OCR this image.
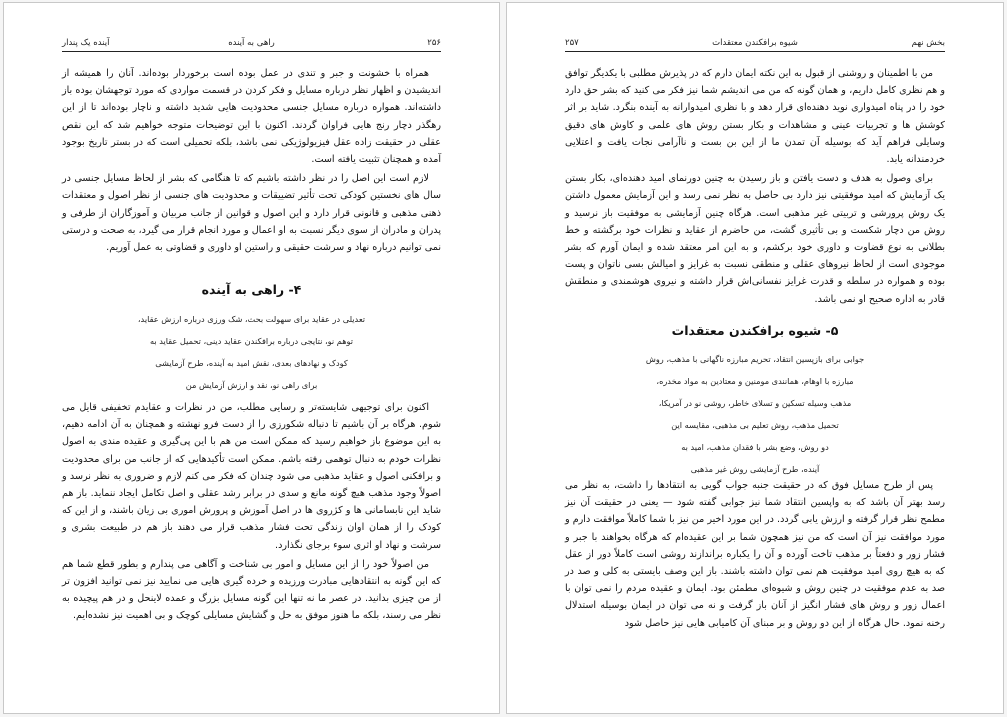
۲۵۶
راهی به آینده
آینده یک پندار

همراه با خشونت و جبر و تندی در عمل بوده است برخوردار بوده‌اند. آنان را همیشه از اندیشیدن و اظهار نظر درباره مسایل و فکر کردن در قسمت مواردی که مورد توجهشان بوده باز داشته‌اند. همواره درباره مسایل جنسی محدودیت هایی شدید داشته و ناچار بوده‌اند تا از این رهگذر دچار رنج هایی فراوان گردند. اکنون با این توضیحات متوجه خواهیم شد که این نقص عقلی در حقیقت زاده عقل فیزیولوژیکی نمی باشد، بلکه تحمیلی است که در بستر تاریخ بوجود آمده و همچنان تثبیت یافته است.

لازم است این اصل را در نظر داشته باشیم که تا هنگامی که بشر از لحاظ مسایل جنسی در سال های نخستین کودکی تحت تأثیر تضییقات و محدودیت های جنسی از نظر اصول و معتقدات ذهنی مذهبی و قانونی قرار دارد و این اصول و قوانین از جانب مربیان و آموزگاران از طرفی و پدران و مادران از سوی دیگر نسبت به او اعمال و مورد انجام قرار می گیرد، به صحت و درستی نمی توانیم درباره نهاد و سرشت حقیقی و راستین او داوری و قضاوتی به عمل آوریم.

۴- راهی به آینده
تعدیلی در عقاید برای سهولت بحث، شک ورزی درباره ارزش عقاید،
توهم نو، نتایجی درباره برافکندن عقاید دینی، تحمیل عقاید به
کودک و نهادهای بعدی، نقش امید به آینده، طرح آزمایشی
برای راهی نو، نقد و ارزش آزمایش من

اکنون برای توجیهی شایسته‌تر و رسایی مطلب، من در نظرات و عقایدم تخفیفی قایل می شوم. هرگاه بر آن باشیم تا دنباله شکورزی را از دست فرو نهشته و همچنان به آن ادامه دهیم، به این موضوع باز خواهیم رسید که ممکن است من هم با این پی‌گیری و عقیده مندی به اصول نظرات خودم به دنبال توهمی رفته باشم. ممکن است تأکیدهایی که از جانب من برای محدودیت و برافکنی اصول و عقاید مذهبی می شود چندان که فکر می کنم لازم و ضروری به نظر نرسد و اصولاً وجود مذهب هیچ گونه مانع و سدی در برابر رشد عقلی و اصل تکامل ایجاد ننماید. باز هم شاید این نابسامانی ها و کژروی ها در اصل آموزش و پرورش اموری بی زیان باشند، و از این که کودک را از همان اوان زندگی تحت فشار مذهب قرار می دهند باز هم در طبیعت بشری و سرشت و نهاد او اثری سوء برجای نگذارد.

من اصولاً خود را از این مسایل و امور بی شناخت و آگاهی می پندارم و بطور قطع شما هم که این گونه به انتقادهایی مبادرت ورزیده و خرده گیری هایی می نمایید نیز نمی توانید افزون تر از من چیزی بدانید. در عصر ما نه تنها این گونه مسایل بزرگ و عمده لاینحل و در هم پیچیده به نظر می رسند، بلکه ما هنوز موفق به حل و گشایش مسایلی کوچک و بی اهمیت نیز نشده‌ایم.

۲۵۷	شیوه برافکندن معتقدات	بخش نهم

من با اطمینان و روشنی از قبول به این نکته ایمان دارم که در پذیرش مطلبی با یکدیگر توافق و هم نظری کامل داریم، و همان گونه که من می اندیشم شما نیز فکر می کنید که بشر حق دارد خود را در پناه امیدواری نوید دهنده‌ای قرار دهد و با نظری امیدوارانه به آینده بنگرد. شاید بر اثر کوشش ها و تجربیات عینی و مشاهدات و بکار بستن روش های علمی و کاوش های دقیق وسایلی فراهم آید که بوسیله آن تمدن ما از این بن بست و ناآرامی نجات یافت و اعتلایی خردمندانه یابد.

برای وصول به هدف و دست یافتن و باز رسیدن به چنین دورنمای امید دهنده‌ای، بکار بستن یک آزمایش که امید موفقیتی نیز دارد بی حاصل به نظر نمی رسد و این آزمایش معمول داشتن یک روش پرورشی و تربیتی غیر مذهبی است. هرگاه چنین آزمایشی به موفقیت باز نرسید و روش من دچار شکست و بی تأثیری گشت، من حاضرم از عقاید و نظرات خود برگشته و خط بطلانی به نوع قضاوت و داوری خود برکشم، و به این امر معتقد شده و ایمان آورم که بشر موجودی است از لحاظ نیروهای عقلی و منطقی نسبت به غرایز و امیالش بسی ناتوان و پست بوده و همواره در سلطه و قدرت غرایز نفسانی‌اش قرار داشته و نیروی هوشمندی و منطقش قادر به اداره صحیح او نمی باشد.

۵- شیوه برافکندن معتقدات
جوابی برای بازپسین انتقاد، تحریم مبارزه ناگهانی با مذهب، روش
مبارزه با اوهام، همانندی مومنین و معتادین به مواد مخدره،
مذهب وسیله تسکین و تسلای خاطر، روشی نو در آمریکا،
تحمیل مذهب، روش تعلیم بی مذهبی، مقایسه این
دو روش، وضع بشر با فقدان مذهب، امید به
آینده، طرح آزمایشی روش غیر مذهبی

پس از طرح مسایل فوق که در حقیقت جنبه جواب گویی به انتقادها را داشت، به نظر می رسد بهتر آن باشد که به واپسین انتقاد شما نیز جوابی گفته شود — یعنی در حقیقت آن نیز مطمح نظر قرار گرفته و ارزش یابی گردد. در این مورد اخیر من نیز با شما کاملاً موافقت دارم و مورد موافقت نیز آن است که من نیز همچون شما بر این عقیده‌ام که هرگاه بخواهند با جبر و فشار زور و دفعتاً بر مذهب تاخت آورده و آن را یکباره براندازند روشی است کاملاً دور از عقل که به هیچ روی امید موفقیت هم نمی توان داشته باشند. باز این وصف بایستی به کلی و صد در صد به عدم موفقیت در چنین روش و شیوه‌ای مطمئن بود. ایمان و عقیده مردم را نمی توان با اعمال زور و روش های فشار انگیز از آنان باز گرفت و نه می توان در ایمان بوسیله استدلال رخنه نمود. حال هرگاه از این دو روش و بر مبنای آن کامیابی هایی نیز حاصل شود
